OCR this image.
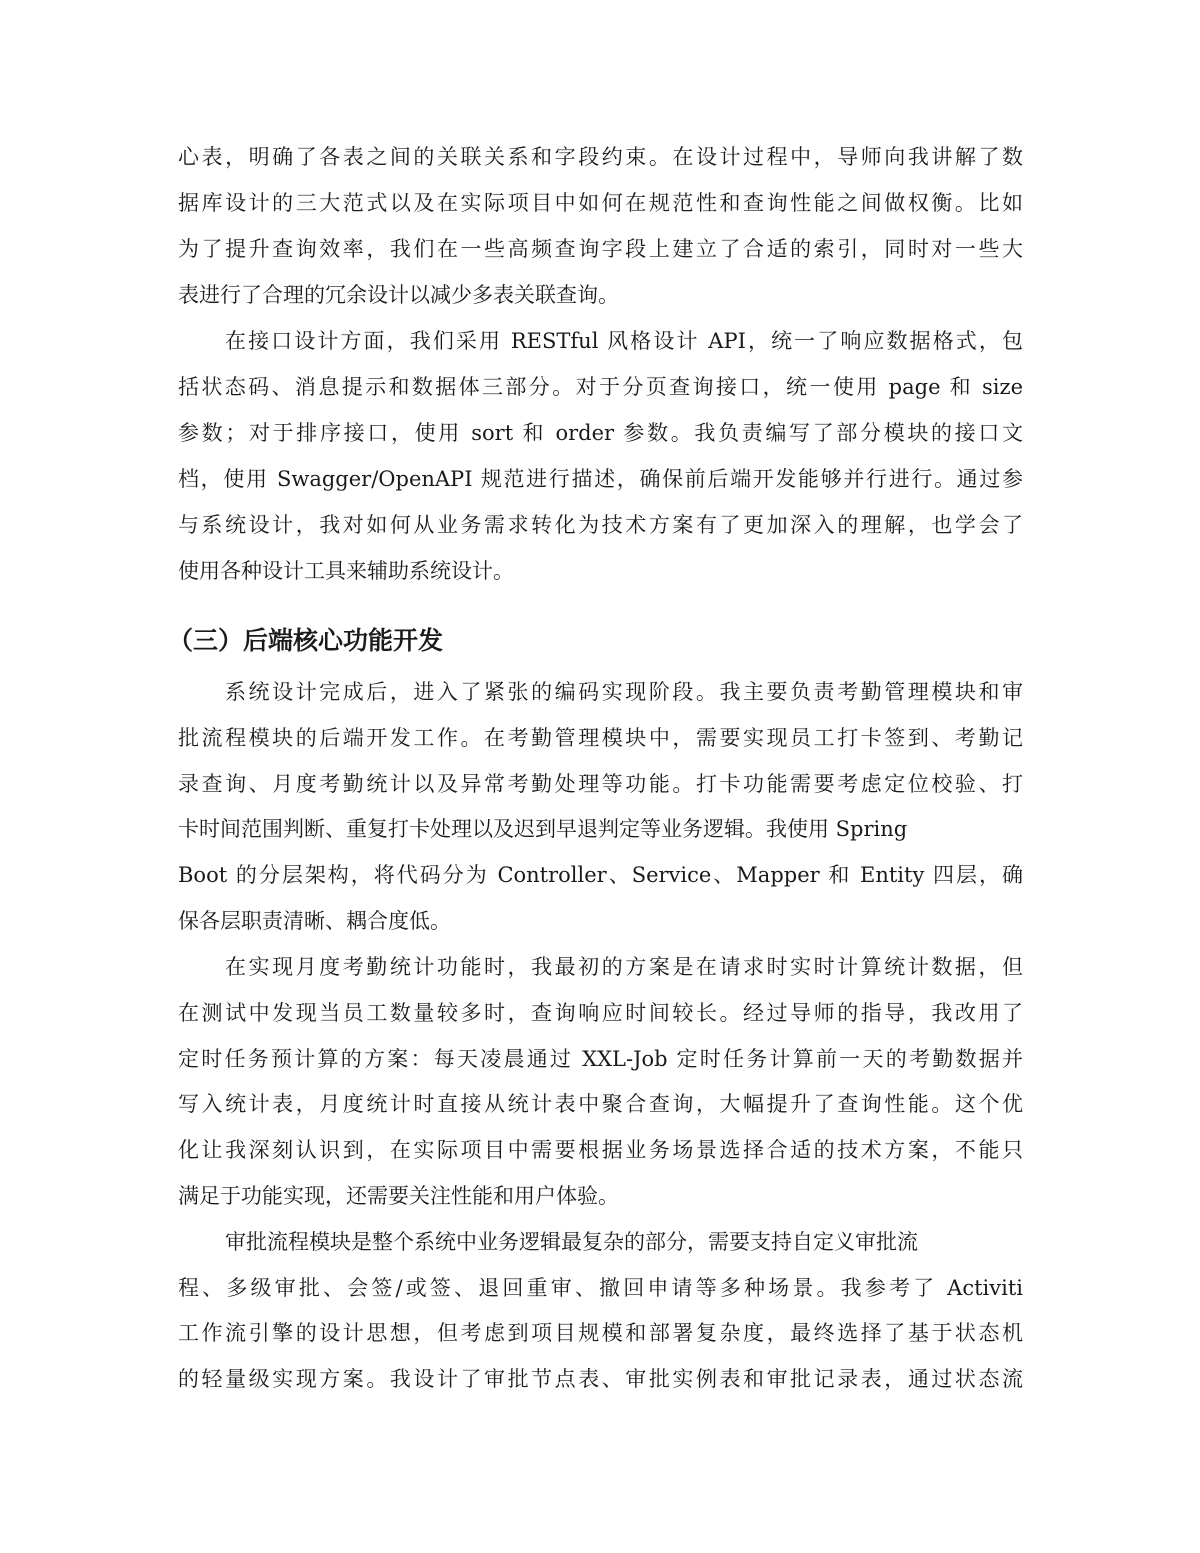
心表，明确了各表之间的关联关系和字段约束。在设计过程中，导师向我讲解了数
据库设计的三大范式以及在实际项目中如何在规范性和查询性能之间做权衡。比如
为了提升查询效率，我们在一些高频查询字段上建立了合适的索引，同时对一些大
表进行了合理的冗余设计以减少多表关联查询。
在接口设计方面，我们采用 RESTful 风格设计 API，统一了响应数据格式，包
括状态码、消息提示和数据体三部分。对于分页查询接口，统一使用 page 和 size
参数；对于排序接口，使用 sort 和 order 参数。我负责编写了部分模块的接口文
档，使用 Swagger/OpenAPI 规范进行描述，确保前后端开发能够并行进行。通过参
与系统设计，我对如何从业务需求转化为技术方案有了更加深入的理解，也学会了
使用各种设计工具来辅助系统设计。
（三）后端核心功能开发
系统设计完成后，进入了紧张的编码实现阶段。我主要负责考勤管理模块和审
批流程模块的后端开发工作。在考勤管理模块中，需要实现员工打卡签到、考勤记
录查询、月度考勤统计以及异常考勤处理等功能。打卡功能需要考虑定位校验、打
卡时间范围判断、重复打卡处理以及迟到早退判定等业务逻辑。我使用 Spring
Boot 的分层架构，将代码分为 Controller、Service、Mapper 和 Entity 四层，确
保各层职责清晰、耦合度低。
在实现月度考勤统计功能时，我最初的方案是在请求时实时计算统计数据，但
在测试中发现当员工数量较多时，查询响应时间较长。经过导师的指导，我改用了
定时任务预计算的方案：每天凌晨通过 XXL-Job 定时任务计算前一天的考勤数据并
写入统计表，月度统计时直接从统计表中聚合查询，大幅提升了查询性能。这个优
化让我深刻认识到，在实际项目中需要根据业务场景选择合适的技术方案，不能只
满足于功能实现，还需要关注性能和用户体验。
审批流程模块是整个系统中业务逻辑最复杂的部分，需要支持自定义审批流
程、多级审批、会签/或签、退回重审、撤回申请等多种场景。我参考了 Activiti
工作流引擎的设计思想，但考虑到项目规模和部署复杂度，最终选择了基于状态机
的轻量级实现方案。我设计了审批节点表、审批实例表和审批记录表，通过状态流
